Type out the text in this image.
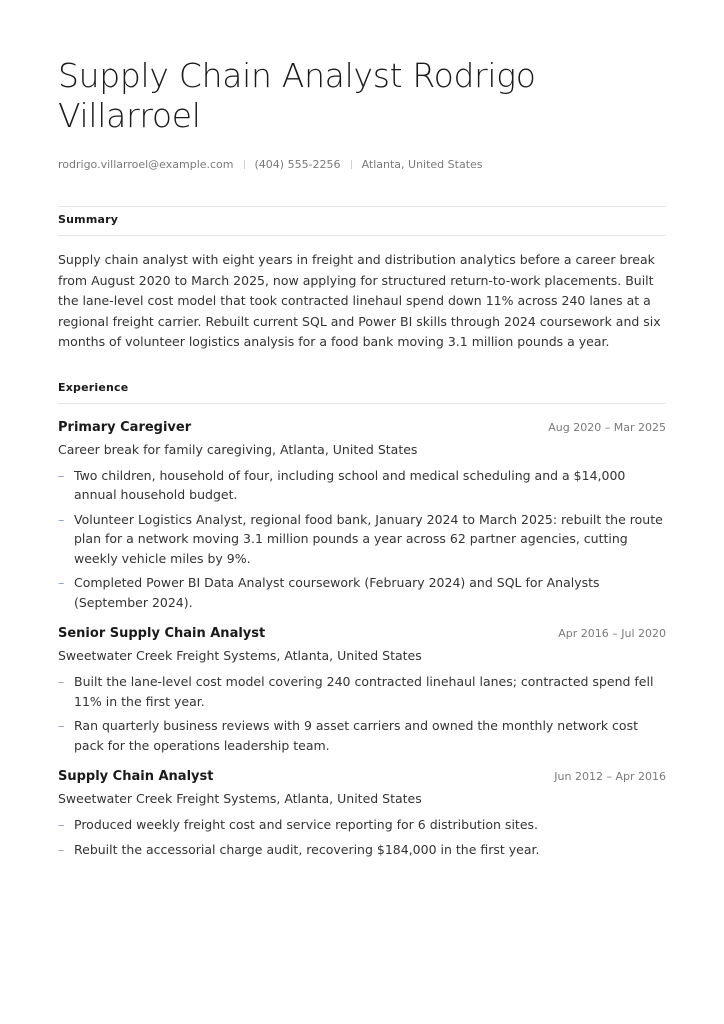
Supply Chain Analyst Rodrigo Villarroel
rodrigo.villarroel@example.com (404) 555-2256 Atlanta, United States
Summary

Supply chain analyst with eight years in freight and distribution analytics before a career break from August 2020 to March 2025, now applying for structured return-to-work placements. Built the lane-level cost model that took contracted linehaul spend down 11% across 240 lanes at a regional freight carrier. Rebuilt current SQL and Power BI skills through 2024 coursework and six months of volunteer logistics analysis for a food bank moving 3.1 million pounds a year.

Experience
Primary Caregiver	Aug 2020 – Mar 2025
Career break for family caregiving, Atlanta, United States
– Two children, household of four, including school and medical scheduling and a $14,000 annual household budget.
– Volunteer Logistics Analyst, regional food bank, January 2024 to March 2025: rebuilt the route plan for a network moving 3.1 million pounds a year across 62 partner agencies, cutting weekly vehicle miles by 9%.
– Completed Power BI Data Analyst coursework (February 2024) and SQL for Analysts (September 2024).
Senior Supply Chain Analyst	Apr 2016 – Jul 2020
Sweetwater Creek Freight Systems, Atlanta, United States
– Built the lane-level cost model covering 240 contracted linehaul lanes; contracted spend fell 11% in the first year.
– Ran quarterly business reviews with 9 asset carriers and owned the monthly network cost pack for the operations leadership team.
Supply Chain Analyst	Jun 2012 – Apr 2016
Sweetwater Creek Freight Systems, Atlanta, United States
– Produced weekly freight cost and service reporting for 6 distribution sites.
– Rebuilt the accessorial charge audit, recovering $184,000 in the first year.
